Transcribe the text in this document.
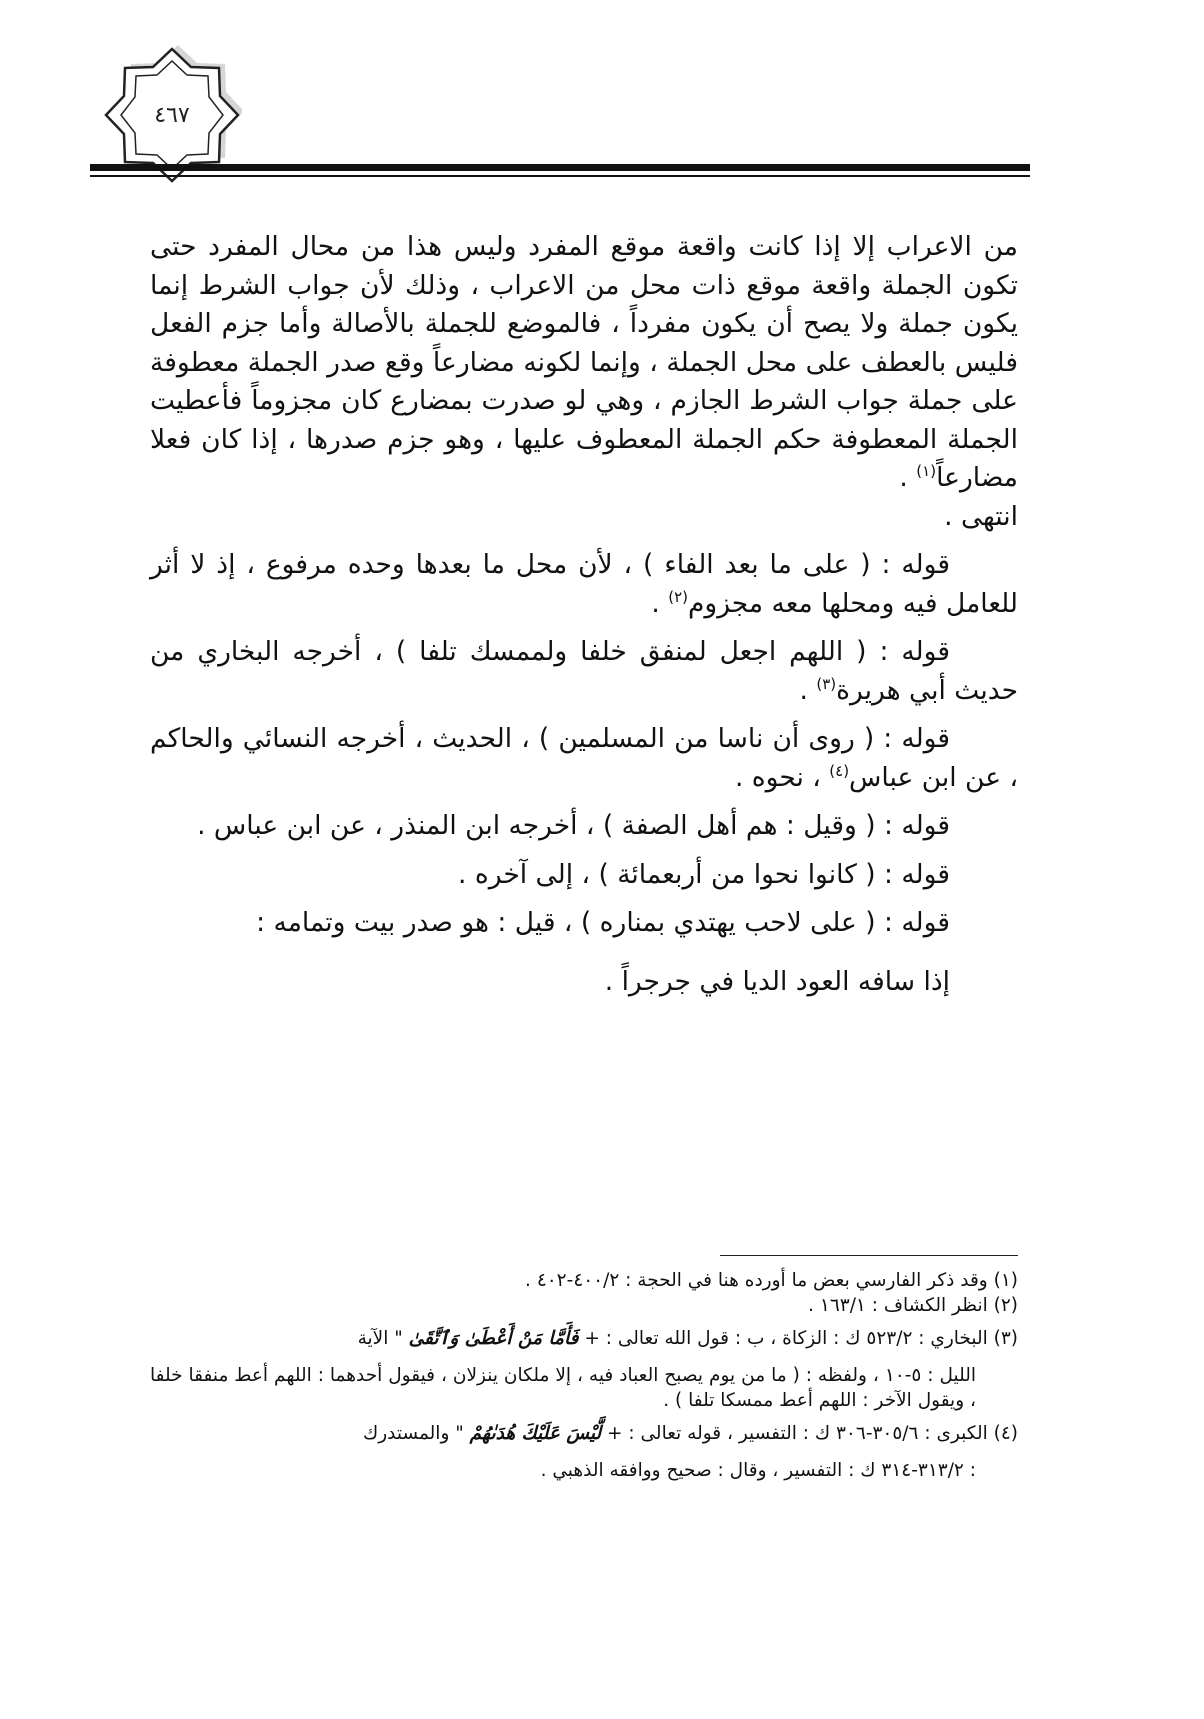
٤٦٧

من الاعراب إلا إذا كانت واقعة موقع المفرد وليس هذا من محال المفرد حتى تكون الجملة واقعة موقع ذات محل من الاعراب ، وذلك لأن جواب الشرط إنما يكون جملة ولا يصح أن يكون مفرداً ، فالموضع للجملة بالأصالة وأما جزم الفعل فليس بالعطف على محل الجملة ، وإنما لكونه مضارعاً وقع صدر الجملة معطوفة على جملة جواب الشرط الجازم ، وهي لو صدرت بمضارع كان مجزوماً فأعطيت الجملة المعطوفة حكم الجملة المعطوف عليها ، وهو جزم صدرها ، إذا كان فعلا مضارعاً$^{(١)}$ .
انتهى .

قوله : ( على ما بعد الفاء ) ، لأن محل ما بعدها وحده مرفوع ، إذ لا أثر للعامل فيه ومحلها معه مجزوم$^{(٢)}$ .

قوله : ( اللهم اجعل لمنفق خلفا ولممسك تلفا ) ، أخرجه البخاري من حديث أبي هريرة$^{(٣)}$ .

قوله : ( روى أن ناسا من المسلمين ) ، الحديث ، أخرجه النسائي والحاكم ، عن ابن عباس$^{(٤)}$ ، نحوه .

قوله : ( وقيل : هم أهل الصفة ) ، أخرجه ابن المنذر ، عن ابن عباس .

قوله : ( كانوا نحوا من أربعمائة ) ، إلى آخره .

قوله : ( على لاحب يهتدي بمناره ) ، قيل : هو صدر بيت وتمامه :

إذا سافه العود الديا في جرجراً .

(١) وقد ذكر الفارسي بعض ما أورده هنا في الحجة : ٤٠٠/٢-٤٠٢ .

(٢) انظر الكشاف : ١٦٣/١ .

(٣) البخاري : ٥٢٣/٢ ك : الزكاة ، ب : قول الله تعالى : + فَأَمَّا مَنْ أَعْطَىٰ وَٱتَّقَىٰ " الآية

الليل : ٥-١٠ ، ولفظه : ( ما من يوم يصبح العباد فيه ، إلا ملكان ينزلان ، فيقول أحدهما : اللهم أعط منفقا خلفا ، ويقول الآخر : اللهم أعط ممسكا تلفا ) .

(٤) الكبرى : ٣٠٥/٦-٣٠٦ ك : التفسير ، قوله تعالى : + لَّيْسَ عَلَيْكَ هُدَىٰهُمْ " والمستدرك

: ٣١٣/٢-٣١٤ ك : التفسير ، وقال : صحيح ووافقه الذهبي .
